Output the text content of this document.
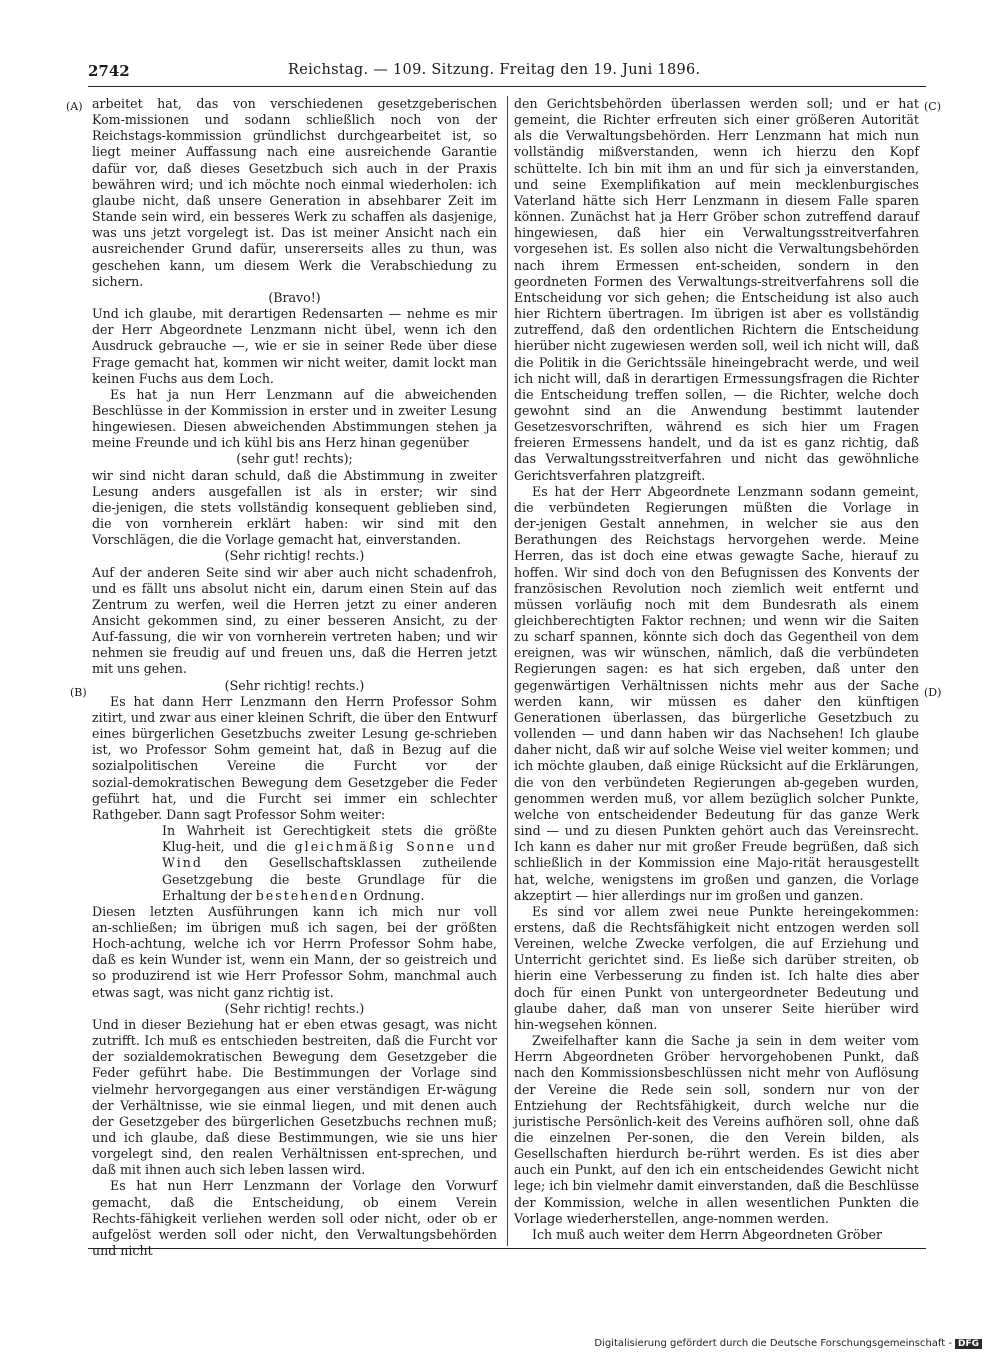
2742	Reichstag. — 109. Sitzung. Freitag den 19. Juni 1896.
(A)
(B)
(C)
(D)

arbeitet hat, das von verschiedenen gesetzgeberischen Kom‑missionen und sodann schließlich noch von der Reichstags‑kommission gründlichst durchgearbeitet ist, so liegt meiner Auffassung nach eine ausreichende Garantie dafür vor, daß dieses Gesetzbuch sich auch in der Praxis bewähren wird; und ich möchte noch einmal wiederholen: ich glaube nicht, daß unsere Generation in absehbarer Zeit im Stande sein wird, ein besseres Werk zu schaffen als dasjenige, was uns jetzt vorgelegt ist. Das ist meiner Ansicht nach ein ausreichender Grund dafür, unsererseits alles zu thun, was geschehen kann, um diesem Werk die Verabschiedung zu sichern.

(Bravo!)

Und ich glaube, mit derartigen Redensarten — nehme es mir der Herr Abgeordnete Lenzmann nicht übel, wenn ich den Ausdruck gebrauche —, wie er sie in seiner Rede über diese Frage gemacht hat, kommen wir nicht weiter, damit lockt man keinen Fuchs aus dem Loch.

Es hat ja nun Herr Lenzmann auf die abweichenden Beschlüsse in der Kommission in erster und in zweiter Lesung hingewiesen. Diesen abweichenden Abstimmungen stehen ja meine Freunde und ich kühl bis ans Herz hinan gegenüber

(sehr gut! rechts);

wir sind nicht daran schuld, daß die Abstimmung in zweiter Lesung anders ausgefallen ist als in erster; wir sind die‑jenigen, die stets vollständig konsequent geblieben sind, die von vornherein erklärt haben: wir sind mit den Vorschlägen, die die Vorlage gemacht hat, einverstanden.

(Sehr richtig! rechts.)

Auf der anderen Seite sind wir aber auch nicht schadenfroh, und es fällt uns absolut nicht ein, darum einen Stein auf das Zentrum zu werfen, weil die Herren jetzt zu einer anderen Ansicht gekommen sind, zu einer besseren Ansicht, zu der Auf‑fassung, die wir von vornherein vertreten haben; und wir nehmen sie freudig auf und freuen uns, daß die Herren jetzt mit uns gehen.

(Sehr richtig! rechts.)

Es hat dann Herr Lenzmann den Herrn Professor Sohm zitirt, und zwar aus einer kleinen Schrift, die über den Entwurf eines bürgerlichen Gesetzbuchs zweiter Lesung ge‑schrieben ist, wo Professor Sohm gemeint hat, daß in Bezug auf die sozialpolitischen Vereine die Furcht vor der sozial‑demokratischen Bewegung dem Gesetzgeber die Feder geführt hat, und die Furcht sei immer ein schlechter Rathgeber. Dann sagt Professor Sohm weiter:

In Wahrheit ist Gerechtigkeit stets die größte Klug‑heit, und die gleichmäßig Sonne und Wind den Gesellschaftsklassen zutheilende Gesetzgebung die beste Grundlage für die Erhaltung der bestehenden Ordnung.

Diesen letzten Ausführungen kann ich mich nur voll an‑schließen; im übrigen muß ich sagen, bei der größten Hoch‑achtung, welche ich vor Herrn Professor Sohm habe, daß es kein Wunder ist, wenn ein Mann, der so geistreich und so produzirend ist wie Herr Professor Sohm, manchmal auch etwas sagt, was nicht ganz richtig ist.

(Sehr richtig! rechts.)

Und in dieser Beziehung hat er eben etwas gesagt, was nicht zutrifft. Ich muß es entschieden bestreiten, daß die Furcht vor der sozialdemokratischen Bewegung dem Gesetzgeber die Feder geführt habe. Die Bestimmungen der Vorlage sind vielmehr hervorgegangen aus einer verständigen Er‑wägung der Verhältnisse, wie sie einmal liegen, und mit denen auch der Gesetzgeber des bürgerlichen Gesetzbuchs rechnen muß; und ich glaube, daß diese Bestimmungen, wie sie uns hier vorgelegt sind, den realen Verhältnissen ent‑sprechen, und daß mit ihnen auch sich leben lassen wird.

Es hat nun Herr Lenzmann der Vorlage den Vorwurf gemacht, daß die Entscheidung, ob einem Verein Rechts‑fähigkeit verliehen werden soll oder nicht, oder ob er aufgelöst werden soll oder nicht, den Verwaltungsbehörden und nicht

den Gerichtsbehörden überlassen werden soll; und er hat gemeint, die Richter erfreuten sich einer größeren Autorität als die Verwaltungsbehörden. Herr Lenzmann hat mich nun vollständig mißverstanden, wenn ich hierzu den Kopf schüttelte. Ich bin mit ihm an und für sich ja einverstanden, und seine Exemplifikation auf mein mecklenburgisches Vaterland hätte sich Herr Lenzmann in diesem Falle sparen können. Zunächst hat ja Herr Gröber schon zutreffend darauf hingewiesen, daß hier ein Verwaltungsstreitverfahren vorgesehen ist. Es sollen also nicht die Verwaltungsbehörden nach ihrem Ermessen ent‑scheiden, sondern in den geordneten Formen des Verwaltungs‑streitverfahrens soll die Entscheidung vor sich gehen; die Entscheidung ist also auch hier Richtern übertragen. Im übrigen ist aber es vollständig zutreffend, daß den ordentlichen Richtern die Entscheidung hierüber nicht zugewiesen werden soll, weil ich nicht will, daß die Politik in die Gerichtssäle hineingebracht werde, und weil ich nicht will, daß in derartigen Ermessungsfragen die Richter die Entscheidung treffen sollen, — die Richter, welche doch gewohnt sind an die Anwendung bestimmt lautender Gesetzesvorschriften, während es sich hier um Fragen freieren Ermessens handelt, und da ist es ganz richtig, daß das Verwaltungsstreitverfahren und nicht das gewöhnliche Gerichtsverfahren platzgreift.

Es hat der Herr Abgeordnete Lenzmann sodann gemeint, die verbündeten Regierungen müßten die Vorlage in der‑jenigen Gestalt annehmen, in welcher sie aus den Berathungen des Reichstags hervorgehen werde. Meine Herren, das ist doch eine etwas gewagte Sache, hierauf zu hoffen. Wir sind doch von den Befugnissen des Konvents der französischen Revolution noch ziemlich weit entfernt und müssen vorläufig noch mit dem Bundesrath als einem gleichberechtigten Faktor rechnen; und wenn wir die Saiten zu scharf spannen, könnte sich doch das Gegentheil von dem ereignen, was wir wünschen, nämlich, daß die verbündeten Regierungen sagen: es hat sich ergeben, daß unter den gegenwärtigen Verhältnissen nichts mehr aus der Sache werden kann, wir müssen es daher den künftigen Generationen überlassen, das bürgerliche Gesetzbuch zu vollenden — und dann haben wir das Nachsehen! Ich glaube daher nicht, daß wir auf solche Weise viel weiter kommen; und ich möchte glauben, daß einige Rücksicht auf die Erklärungen, die von den verbündeten Regierungen ab‑gegeben wurden, genommen werden muß, vor allem bezüglich solcher Punkte, welche von entscheidender Bedeutung für das ganze Werk sind — und zu diesen Punkten gehört auch das Vereinsrecht. Ich kann es daher nur mit großer Freude begrüßen, daß sich schließlich in der Kommission eine Majo‑rität herausgestellt hat, welche, wenigstens im großen und ganzen, die Vorlage akzeptirt — hier allerdings nur im großen und ganzen.

Es sind vor allem zwei neue Punkte hereingekommen: erstens, daß die Rechtsfähigkeit nicht entzogen werden soll Vereinen, welche Zwecke verfolgen, die auf Erziehung und Unterricht gerichtet sind. Es ließe sich darüber streiten, ob hierin eine Verbesserung zu finden ist. Ich halte dies aber doch für einen Punkt von untergeordneter Bedeutung und glaube daher, daß man von unserer Seite hierüber wird hin‑wegsehen können.

Zweifelhafter kann die Sache ja sein in dem weiter vom Herrn Abgeordneten Gröber hervorgehobenen Punkt, daß nach den Kommissionsbeschlüssen nicht mehr von Auflösung der Vereine die Rede sein soll, sondern nur von der Entziehung der Rechtsfähigkeit, durch welche nur die juristische Persönlich‑keit des Vereins aufhören soll, ohne daß die einzelnen Per‑sonen, die den Verein bilden, als Gesellschaften hierdurch be‑rührt werden. Es ist dies aber auch ein Punkt, auf den ich ein entscheidendes Gewicht nicht lege; ich bin vielmehr damit einverstanden, daß die Beschlüsse der Kommission, welche in allen wesentlichen Punkten die Vorlage wiederherstellen, ange‑nommen werden.

Ich muß auch weiter dem Herrn Abgeordneten Gröber

Digitalisierung gefördert durch die Deutsche Forschungsgemeinschaft - DFG
